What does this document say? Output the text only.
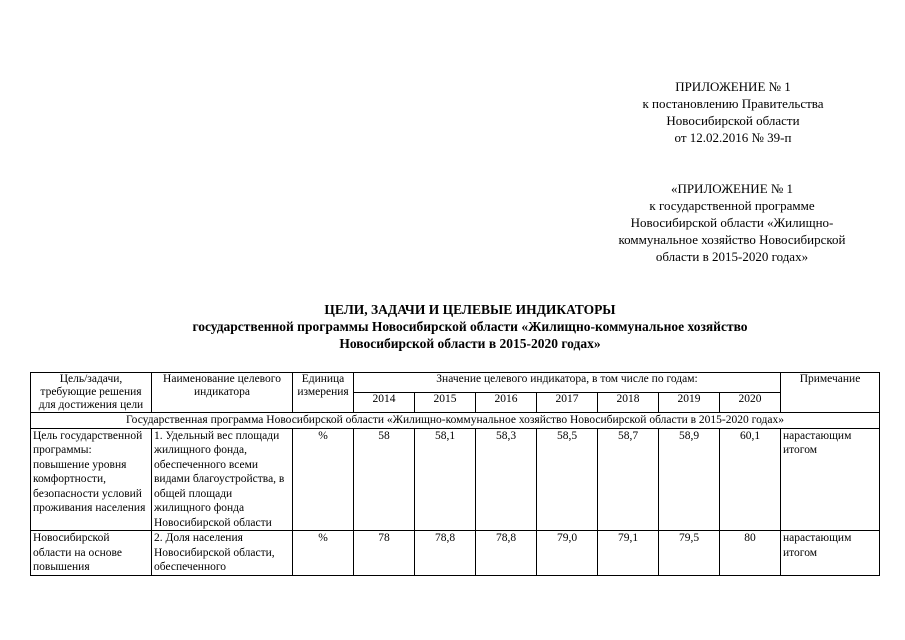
ПРИЛОЖЕНИЕ № 1
к постановлению Правительства
Новосибирской области
от 12.02.2016 № 39-п
«ПРИЛОЖЕНИЕ № 1
к государственной программе
Новосибирской области «Жилищно-
коммунальное хозяйство Новосибирской
области в 2015-2020 годах»
ЦЕЛИ, ЗАДАЧИ И ЦЕЛЕВЫЕ ИНДИКАТОРЫ
государственной программы Новосибирской области «Жилищно-коммунальное хозяйство
Новосибирской области в 2015-2020 годах»
Цель/задачи, требующие решения для достижения цели	Наименование целевого индикатора	Единица измерения	Значение целевого индикатора, в том числе по годам:							Примечание
			2014	2015	2016	2017	2018	2019	2020	
Государственная программа Новосибирской области «Жилищно-коммунальное хозяйство Новосибирской области в 2015-2020 годах»										
Цель государственной программы: повышение уровня комфортности, безопасности условий проживания населения	1. Удельный вес площади жилищного фонда, обеспеченного всеми видами благоустройства, в общей площади жилищного фонда Новосибирской области	%	58	58,1	58,3	58,5	58,7	58,9	60,1	нарастающим итогом
Новосибирской области на основе повышения	2. Доля населения Новосибирской области, обеспеченного	%	78	78,8	78,8	79,0	79,1	79,5	80	нарастающим итогом
